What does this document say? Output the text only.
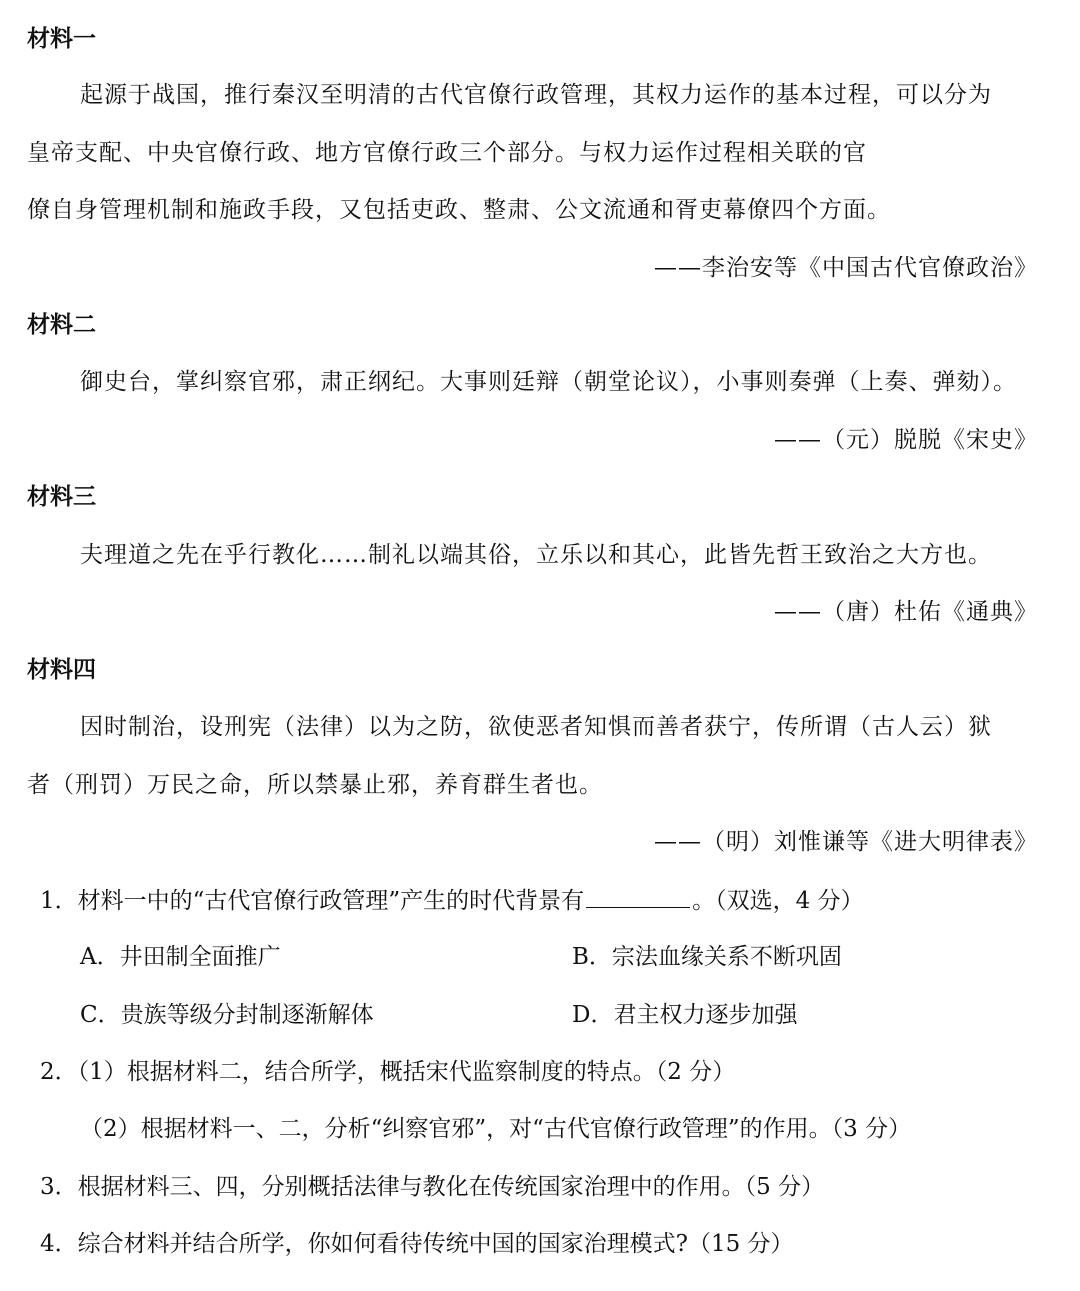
材料一
起源于战国，推行秦汉至明清的古代官僚行政管理，其权力运作的基本过程，可以分为
皇帝支配、中央官僚行政、地方官僚行政三个部分。与权力运作过程相关联的官
僚自身管理机制和施政手段，又包括吏政、整肃、公文流通和胥吏幕僚四个方面。
——李治安等《中国古代官僚政治》
材料二
御史台，掌纠察官邪，肃正纲纪。大事则廷辩（朝堂论议），小事则奏弹（上奏、弹劾）。
——（元）脱脱《宋史》
材料三
夫理道之先在乎行教化……制礼以端其俗，立乐以和其心，此皆先哲王致治之大方也。
——（唐）杜佑《通典》
材料四
因时制治，设刑宪（法律）以为之防，欲使恶者知惧而善者获宁，传所谓（古人云）狱
者（刑罚）万民之命，所以禁暴止邪，养育群生者也。
——（明）刘惟谦等《进大明律表》
1．材料一中的“古代官僚行政管理”产生的时代背景有	。（双选，4 分）
A．井田制全面推广	B．宗法血缘关系不断巩固
C．贵族等级分封制逐渐解体	D．君主权力逐步加强
2．（1）根据材料二，结合所学，概括宋代监察制度的特点。（2 分）
（2）根据材料一、二，分析“纠察官邪”，对“古代官僚行政管理”的作用。（3 分）
3．根据材料三、四，分别概括法律与教化在传统国家治理中的作用。（5 分）
4．综合材料并结合所学，你如何看待传统中国的国家治理模式?（15 分）
